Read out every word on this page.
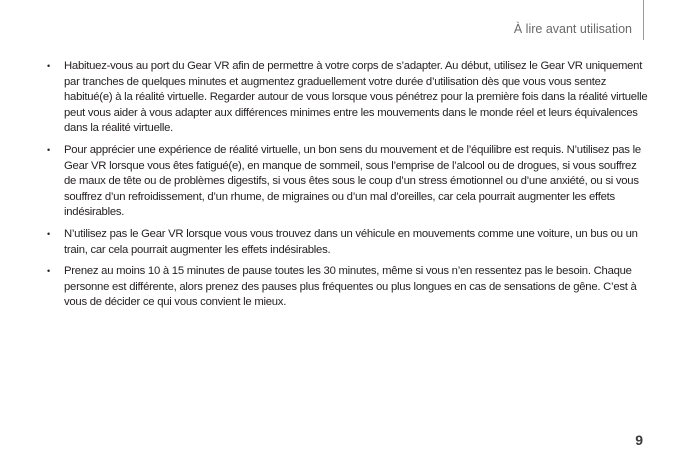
À lire avant utilisation
•	Habituez-vous au port du Gear VR afin de permettre à votre corps de s’adapter. Au début, utilisez le Gear VR uniquement par tranches de quelques minutes et augmentez graduellement votre durée d’utilisation dès que vous vous sentez habitué(e) à la réalité virtuelle. Regarder autour de vous lorsque vous pénétrez pour la première fois dans la réalité virtuelle peut vous aider à vous adapter aux différences minimes entre les mouvements dans le monde réel et leurs équivalences dans la réalité virtuelle.
•	Pour apprécier une expérience de réalité virtuelle, un bon sens du mouvement et de l’équilibre est requis. N’utilisez pas le Gear VR lorsque vous êtes fatigué(e), en manque de sommeil, sous l’emprise de l’alcool ou de drogues, si vous souffrez de maux de tête ou de problèmes digestifs, si vous êtes sous le coup d’un stress émotionnel ou d’une anxiété, ou si vous souffrez d’un refroidissement, d’un rhume, de migraines ou d’un mal d’oreilles, car cela pourrait augmenter les effets indésirables.
•	N’utilisez pas le Gear VR lorsque vous vous trouvez dans un véhicule en mouvements comme une voiture, un bus ou un train, car cela pourrait augmenter les effets indésirables.
•	Prenez au moins 10 à 15 minutes de pause toutes les 30 minutes, même si vous n’en ressentez pas le besoin. Chaque personne est différente, alors prenez des pauses plus fréquentes ou plus longues en cas de sensations de gêne. C’est à vous de décider ce qui vous convient le mieux.
9
